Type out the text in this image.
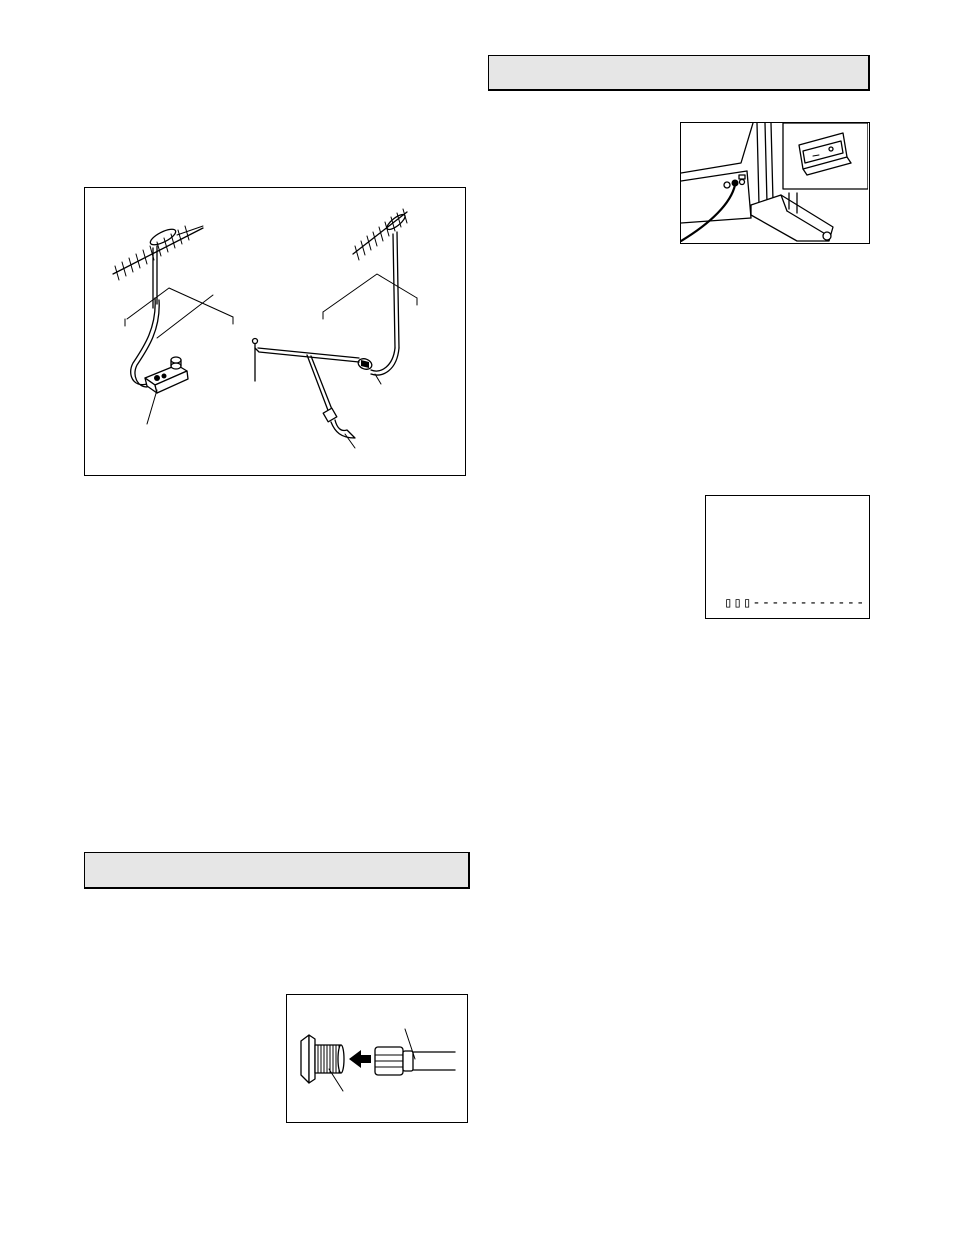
▯▯▯‐‐‐‐‐‐‐‐‐‐‐‐
